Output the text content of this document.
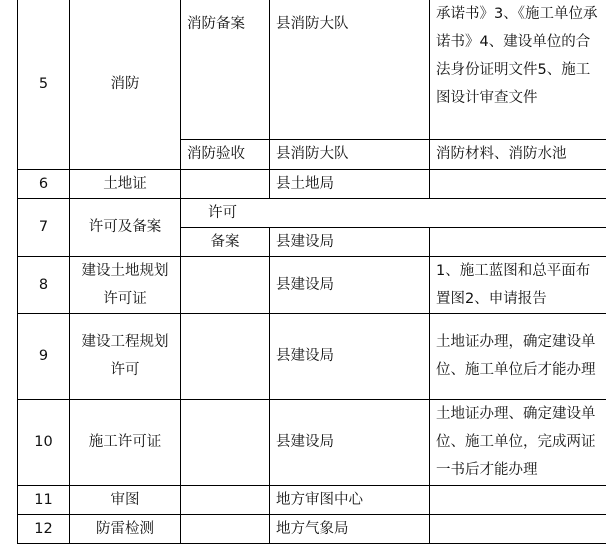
5	消防	消防备案	县消防大队	承诺书》3、《施工单位承诺书》4、建设单位的合法身份证明文件5、施工图设计审查文件
		消防验收	县消防大队	消防材料、消防水池
6	土地证		县土地局	
7	许可及备案	许可		
		备案	县建设局	
8	建设土地规划许可证		县建设局	1、施工蓝图和总平面布置图2、申请报告
9	建设工程规划许可		县建设局	土地证办理，确定建设单位、施工单位后才能办理
10	施工许可证		县建设局	土地证办理、确定建设单位、施工单位，完成两证一书后才能办理
11	审图		地方审图中心	
12	防雷检测		地方气象局	
